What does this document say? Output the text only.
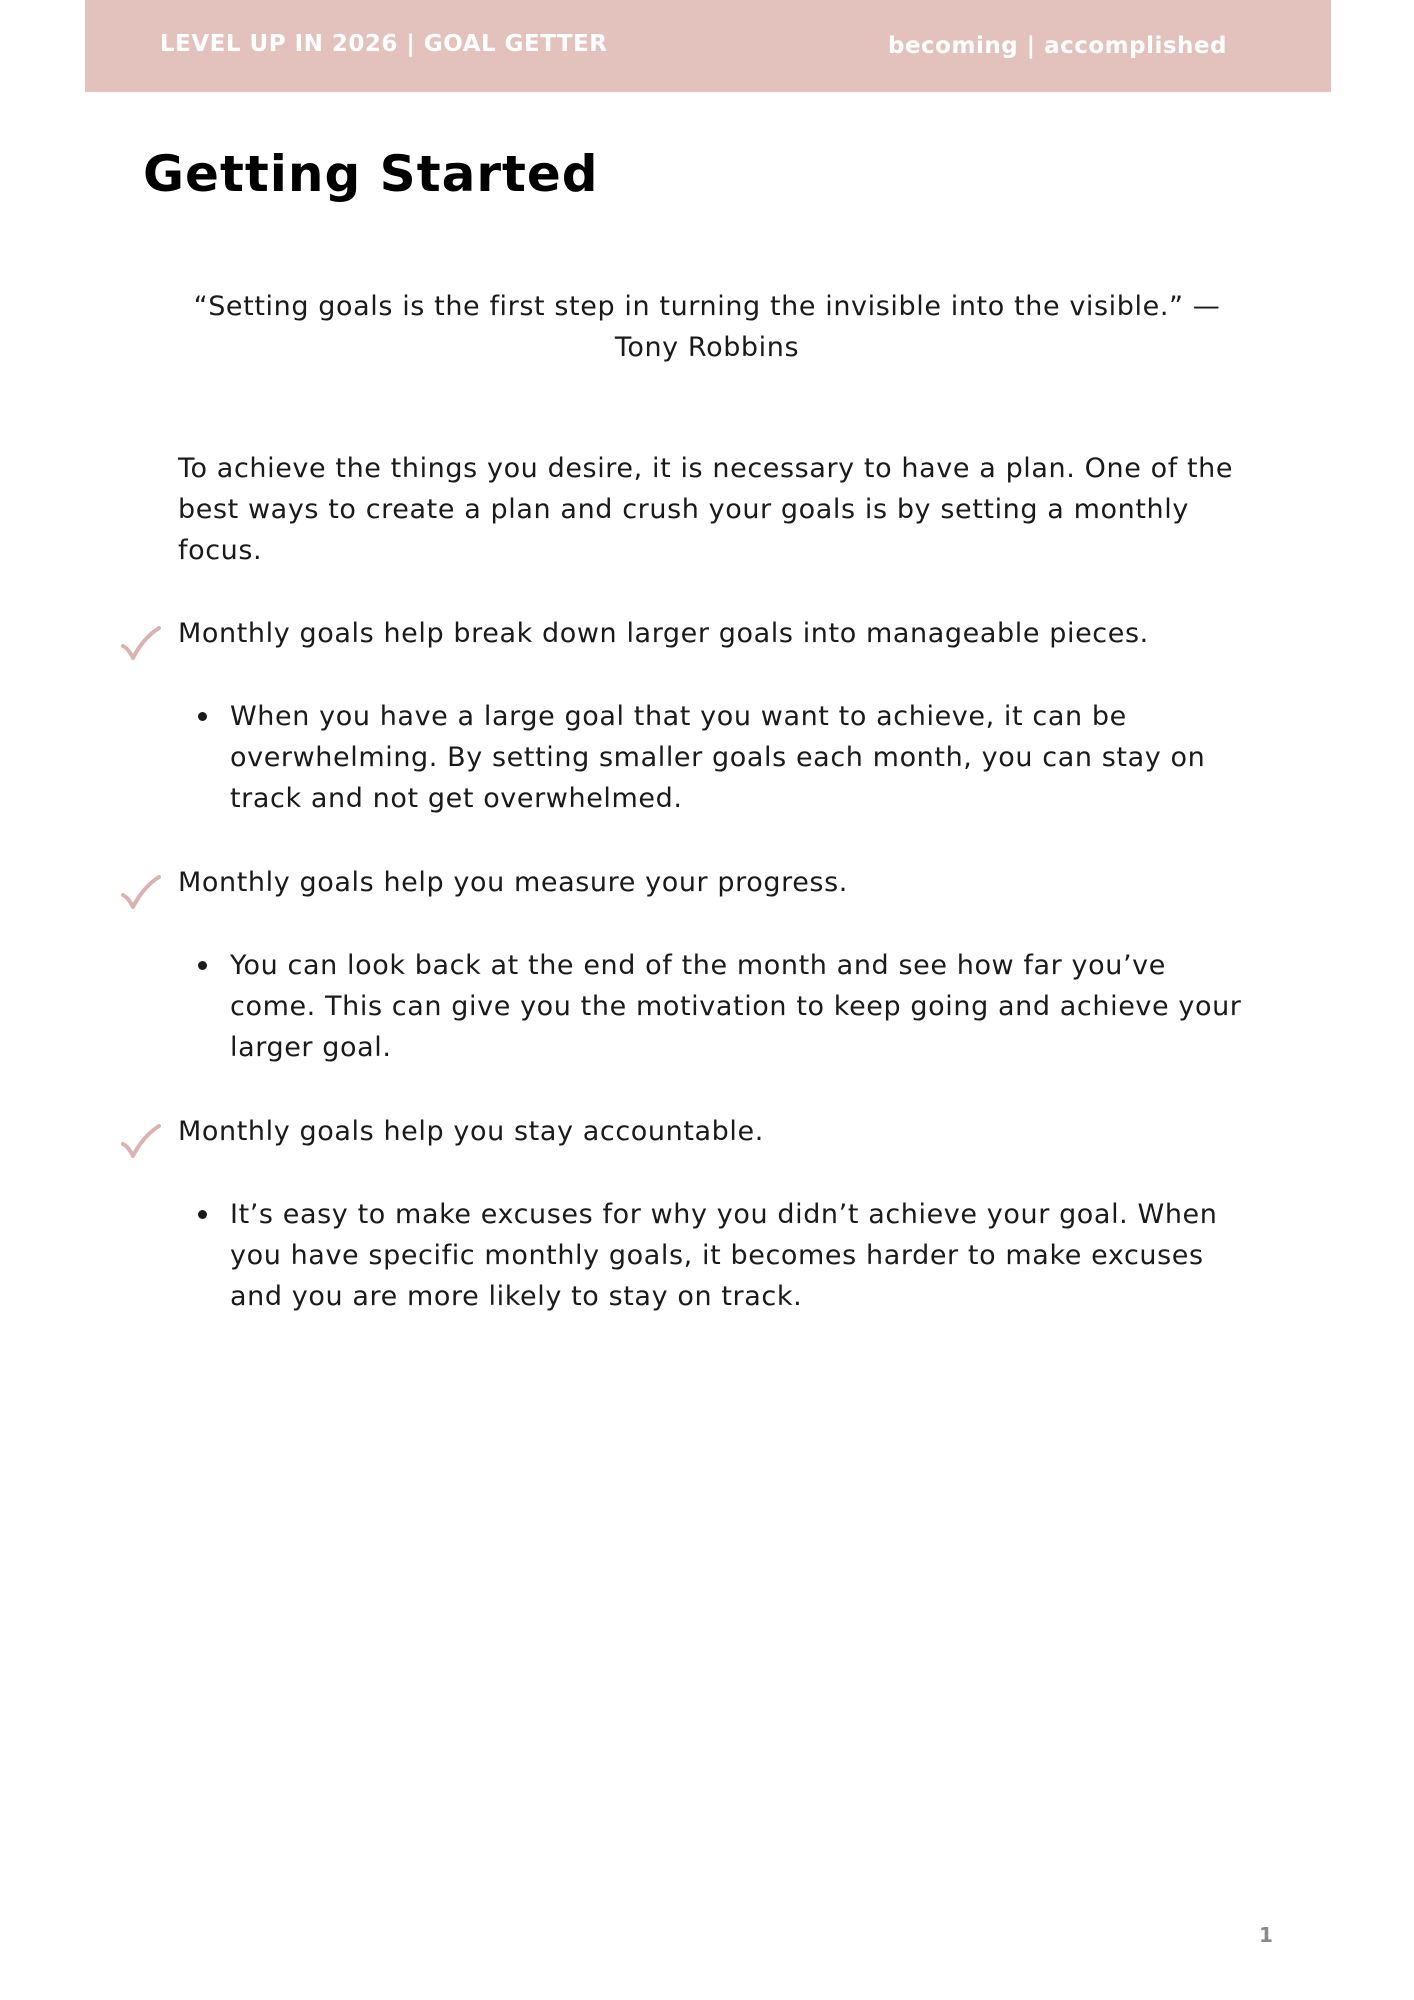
LEVEL UP IN 2026 | GOAL GETTER	becoming | accomplished
Getting Started

“Setting goals is the first step in turning the invisible into the visible.” —
Tony Robbins

To achieve the things you desire, it is necessary to have a plan. One of the best ways to create a plan and crush your goals is by setting a monthly focus.

Monthly goals help break down larger goals into manageable pieces.

When you have a large goal that you want to achieve, it can be overwhelming. By setting smaller goals each month, you can stay on track and not get overwhelmed.

Monthly goals help you measure your progress.

You can look back at the end of the month and see how far you’ve come. This can give you the motivation to keep going and achieve your larger goal.

Monthly goals help you stay accountable.

It’s easy to make excuses for why you didn’t achieve your goal. When you have specific monthly goals, it becomes harder to make excuses and you are more likely to stay on track.

1
